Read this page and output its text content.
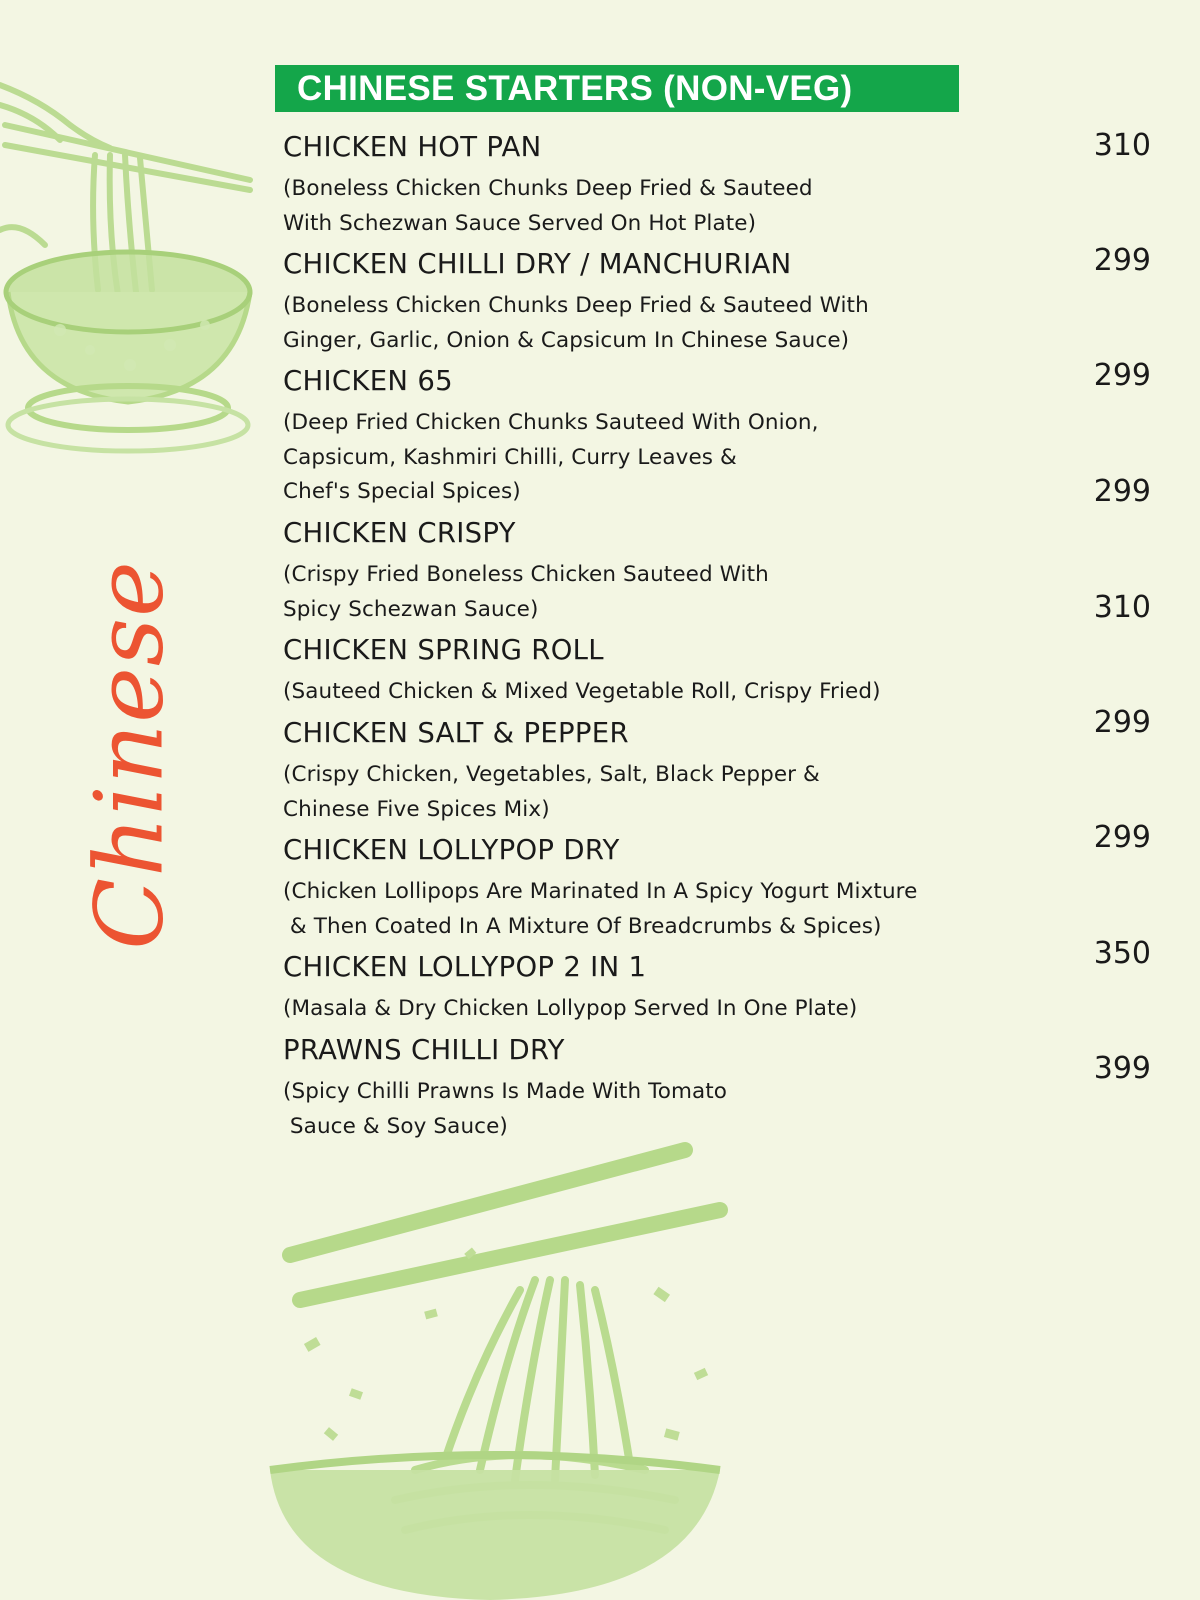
Chinese
CHINESE STARTERS (NON-VEG)
CHICKEN HOT PAN
(Boneless Chicken Chunks Deep Fried & Sauteed
With Schezwan Sauce Served On Hot Plate)
CHICKEN CHILLI DRY / MANCHURIAN
(Boneless Chicken Chunks Deep Fried & Sauteed With
Ginger, Garlic, Onion & Capsicum In Chinese Sauce)
CHICKEN 65
(Deep Fried Chicken Chunks Sauteed With Onion,
Capsicum, Kashmiri Chilli, Curry Leaves &
Chef's Special Spices)
CHICKEN CRISPY
(Crispy Fried Boneless Chicken Sauteed With
Spicy Schezwan Sauce)
CHICKEN SPRING ROLL
(Sauteed Chicken & Mixed Vegetable Roll, Crispy Fried)
CHICKEN SALT & PEPPER
(Crispy Chicken, Vegetables, Salt, Black Pepper &
Chinese Five Spices Mix)
CHICKEN LOLLYPOP DRY
(Chicken Lollipops Are Marinated In A Spicy Yogurt Mixture
& Then Coated In A Mixture Of Breadcrumbs & Spices)
CHICKEN LOLLYPOP 2 IN 1
(Masala & Dry Chicken Lollypop Served In One Plate)
PRAWNS CHILLI DRY
(Spicy Chilli Prawns Is Made With Tomato
Sauce & Soy Sauce)
310
299
299
299
310
299
299
350
399
